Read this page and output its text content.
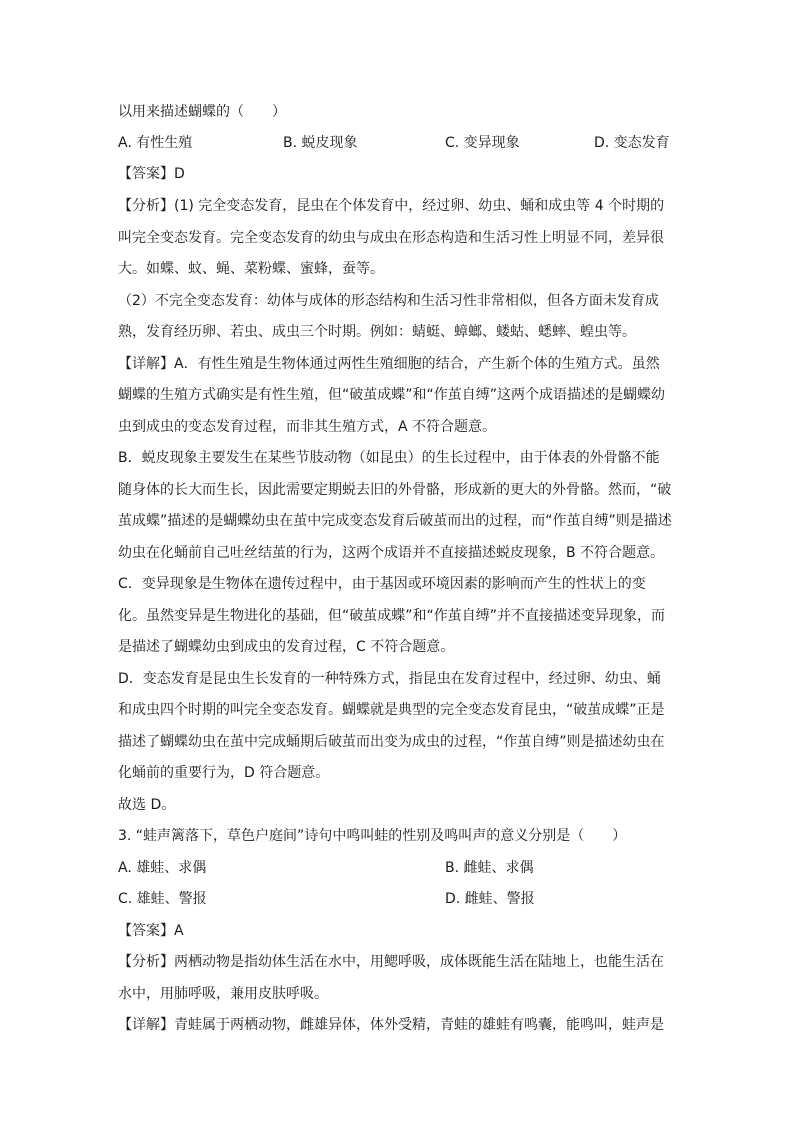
以用来描述蝴蝶的（　　）
A. 有性生殖	B. 蜕皮现象	C. 变异现象	D. 变态发育
【答案】D
【分析】(1) 完全变态发育，昆虫在个体发育中，经过卵、幼虫、蛹和成虫等 4 个时期的
叫完全变态发育。完全变态发育的幼虫与成虫在形态构造和生活习性上明显不同，差异很
大。如蝶、蚊、蝇、菜粉蝶、蜜蜂，蚕等。
（2）不完全变态发育：幼体与成体的形态结构和生活习性非常相似，但各方面未发育成
熟，发育经历卵、若虫、成虫三个时期。例如：蜻蜓、蟑螂、蝼蛄、蟋蟀、蝗虫等。
【详解】A．有性生殖是生物体通过两性生殖细胞的结合，产生新个体的生殖方式。虽然
蝴蝶的生殖方式确实是有性生殖，但“破茧成蝶”和“作茧自缚”这两个成语描述的是蝴蝶幼
虫到成虫的变态发育过程，而非其生殖方式，A 不符合题意。
B．蜕皮现象主要发生在某些节肢动物（如昆虫）的生长过程中，由于体表的外骨骼不能
随身体的长大而生长，因此需要定期蜕去旧的外骨骼，形成新的更大的外骨骼。然而，“破
茧成蝶”描述的是蝴蝶幼虫在茧中完成变态发育后破茧而出的过程，而“作茧自缚”则是描述
幼虫在化蛹前自己吐丝结茧的行为，这两个成语并不直接描述蜕皮现象，B 不符合题意。
C．变异现象是生物体在遗传过程中，由于基因或环境因素的影响而产生的性状上的变
化。虽然变异是生物进化的基础，但“破茧成蝶”和“作茧自缚”并不直接描述变异现象，而
是描述了蝴蝶幼虫到成虫的发育过程，C 不符合题意。
D．变态发育是昆虫生长发育的一种特殊方式，指昆虫在发育过程中，经过卵、幼虫、蛹
和成虫四个时期的叫完全变态发育。蝴蝶就是典型的完全变态发育昆虫，“破茧成蝶”正是
描述了蝴蝶幼虫在茧中完成蛹期后破茧而出变为成虫的过程，“作茧自缚”则是描述幼虫在
化蛹前的重要行为，D 符合题意。
故选 D。
3. “蛙声篱落下，草色户庭间”诗句中鸣叫蛙的性别及鸣叫声的意义分别是（　　）
A. 雄蛙、求偶	B. 雌蛙、求偶
C. 雄蛙、警报	D. 雌蛙、警报
【答案】A
【分析】两栖动物是指幼体生活在水中，用鳃呼吸，成体既能生活在陆地上，也能生活在
水中，用肺呼吸，兼用皮肤呼吸。
【详解】青蛙属于两栖动物，雌雄异体，体外受精，青蛙的雄蛙有鸣囊，能鸣叫，蛙声是
